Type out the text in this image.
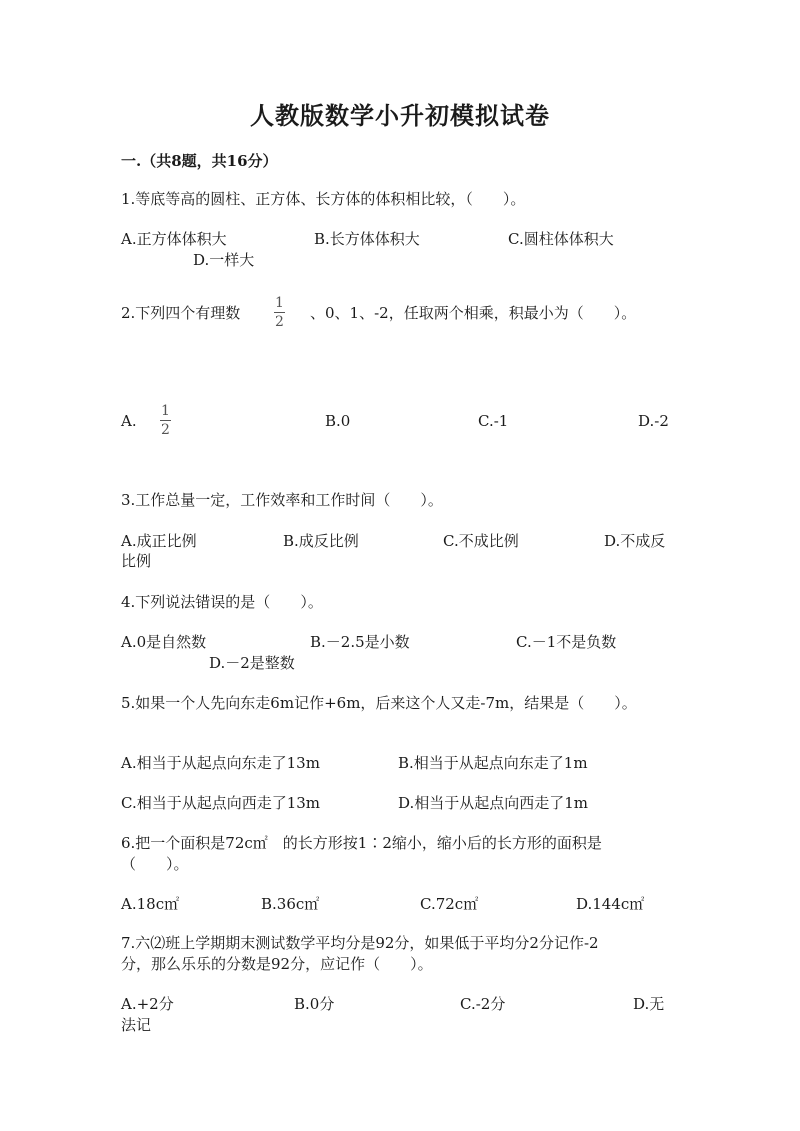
人教版数学小升初模拟试卷
一.（共8题，共16分）
1.等底等高的圆柱、正方体、长方体的体积相比较，（　　）。
A.正方体体积大	B.长方体体积大	C.圆柱体体积大
D.一样大
2.下列四个有理数
1
2 、0、1、-2，任取两个相乘，积最小为（　　）。
A.
1
2	B.0	C.-1	D.-2
3.工作总量一定，工作效率和工作时间（　　）。
A.成正比例	B.成反比例	C.不成比例	D.不成反
比例
4.下列说法错误的是（　　）。
A.0是自然数	B.－2.5是小数	C.－1不是负数
D.－2是整数
5.如果一个人先向东走6m记作+6m，后来这个人又走-7m，结果是（　　）。
A.相当于从起点向东走了13m	B.相当于从起点向东走了1m
C.相当于从起点向西走了13m	D.相当于从起点向西走了1m
6.把一个面积是72c㎡　的长方形按1∶2缩小，缩小后的长方形的面积是
（　　）。
A.18c㎡	B.36c㎡	C.72c㎡	D.144c㎡
7.六⑵班上学期期末测试数学平均分是92分，如果低于平均分2分记作-2
分，那么乐乐的分数是92分，应记作（　　）。
A.+2分	B.0分	C.-2分	D.无
法记
